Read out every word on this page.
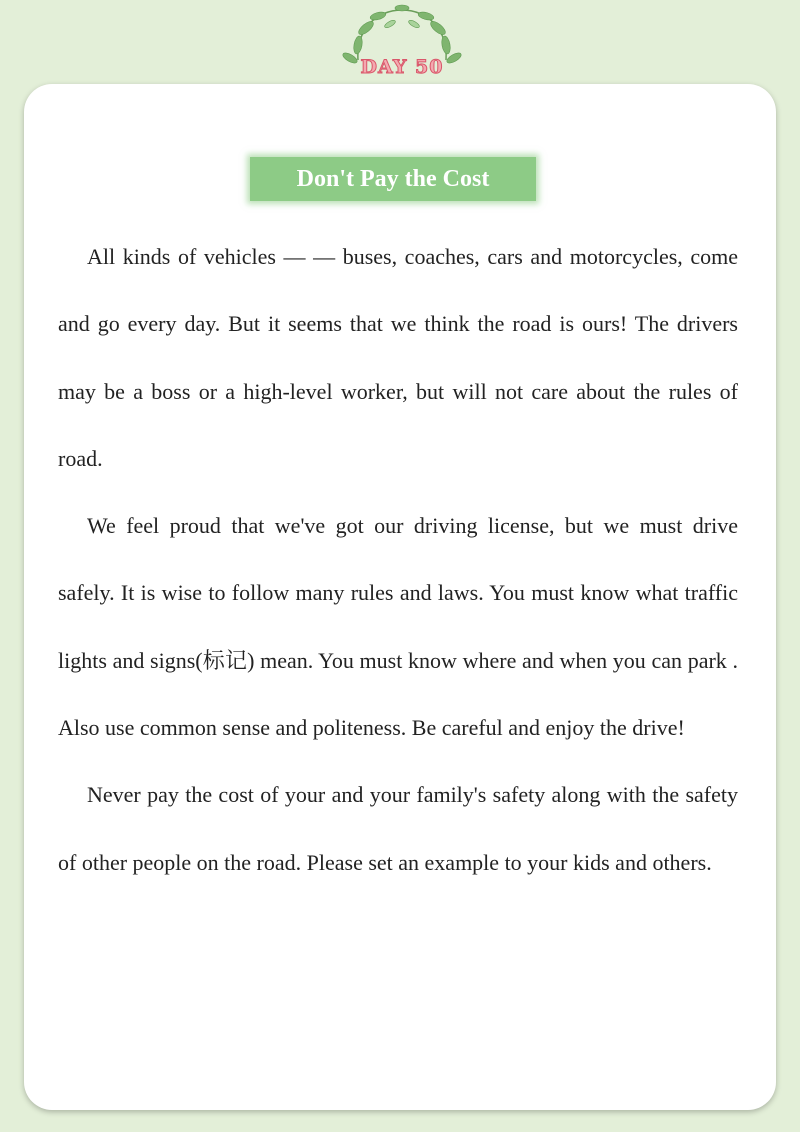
DAY 50
Don't Pay the Cost

All kinds of vehicles — — buses, coaches, cars and motorcycles, come and go every day. But it seems that we think the road is ours! The drivers may be a boss or a high-level worker, but will not care about the rules of road.

We feel proud that we've got our driving license, but we must drive safely. It is wise to follow many rules and laws. You must know what traffic lights and signs(标记) mean. You must know where and when you can park . Also use common sense and politeness. Be careful and enjoy the drive!

Never pay the cost of your and your family's safety along with the safety of other people on the road. Please set an example to your kids and others.
